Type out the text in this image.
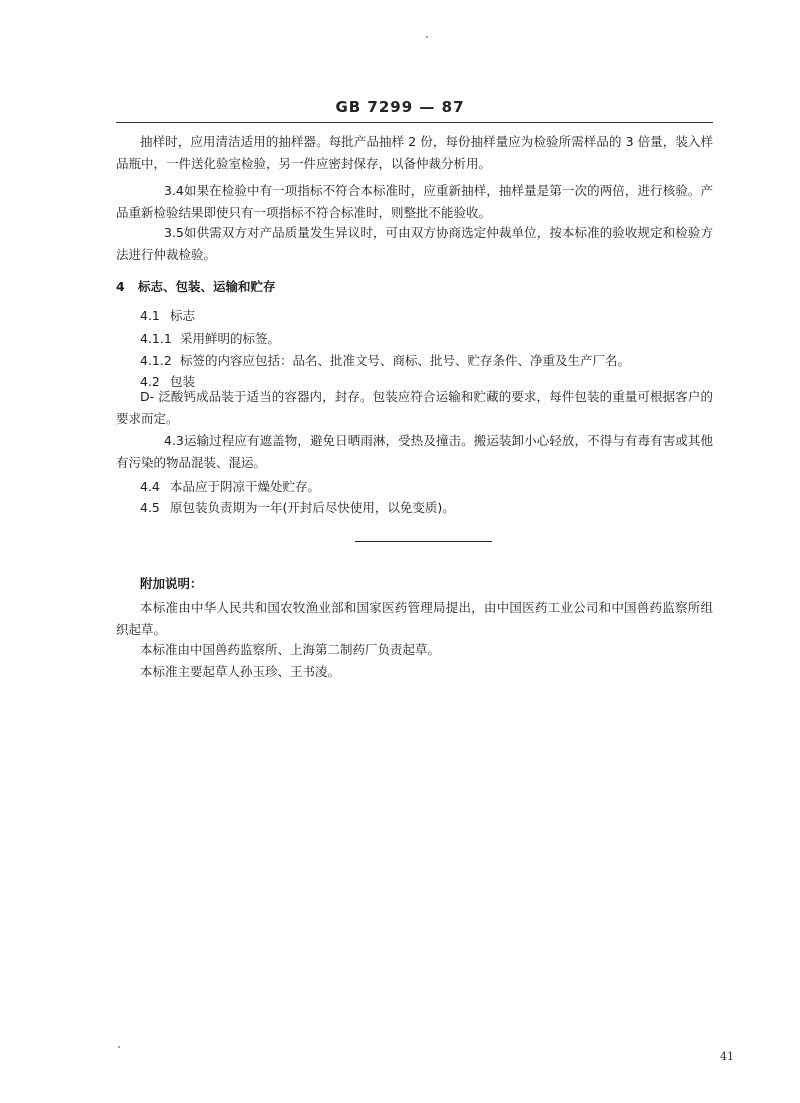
GB 7299 — 87
抽样时，应用清洁适用的抽样器。每批产品抽样 2 份，每份抽样量应为检验所需样品的 3 倍量，装入样品瓶中，一件送化验室检验，另一件应密封保存，以备仲裁分析用。
3.4如果在检验中有一项指标不符合本标准时，应重新抽样，抽样量是第一次的两倍，进行核验。产品重新检验结果即使只有一项指标不符合标准时，则整批不能验收。
3.5如供需双方对产品质量发生异议时，可由双方协商选定仲裁单位，按本标准的验收规定和检验方法进行仲裁检验。
4 标志、包装、运输和贮存
4.1 标志
4.1.1 采用鲜明的标签。
4.1.2 标签的内容应包括：品名、批准文号、商标、批号、贮存条件、净重及生产厂名。
4.2 包装
D- 泛酸钙成品装于适当的容器内，封存。包装应符合运输和贮藏的要求，每件包装的重量可根据客户的要求而定。
4.3运输过程应有遮盖物，避免日晒雨淋，受热及撞击。搬运装卸小心轻放，不得与有毒有害或其他有污染的物品混装、混运。
4.4 本品应于阴凉干燥处贮存。
4.5 原包装负责期为一年(开封后尽快使用，以免变质)。
附加说明：
本标准由中华人民共和国农牧渔业部和国家医药管理局提出，由中国医药工业公司和中国兽药监察所组织起草。
本标准由中国兽药监察所、上海第二制药厂负责起草。
本标准主要起草人孙玉珍、王书凌。
41
